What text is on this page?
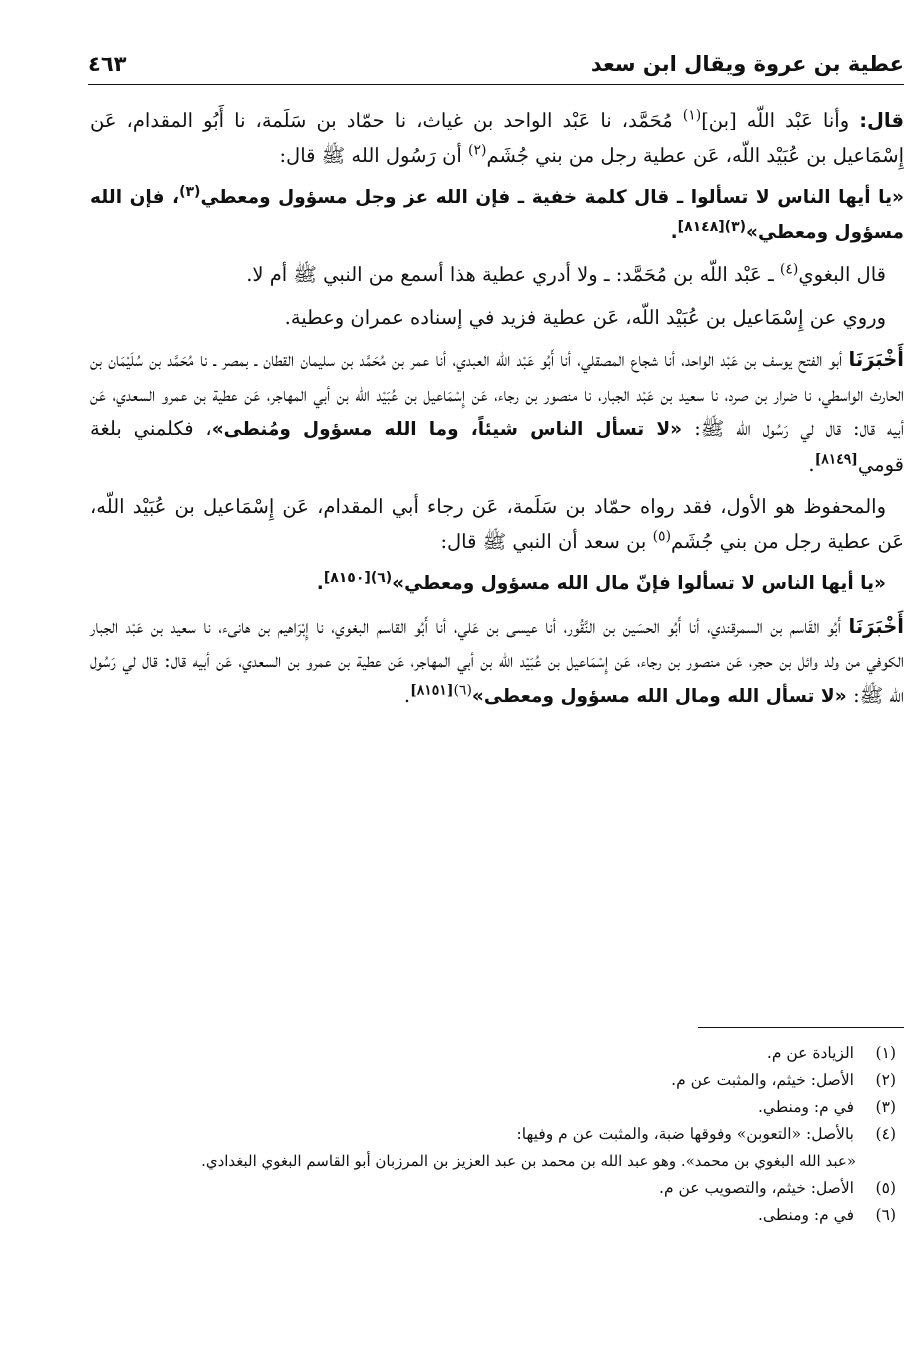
عطية بن عروة ويقال ابن سعد
٤٦٣

قال: وأنا عَبْد اللّه [بن]$^{(١)}$ مُحَمَّد، نا عَبْد الواحد بن غياث، نا حمّاد بن سَلَمة، نا أَبُو المقدام، عَن إِسْمَاعيل بن عُبَيْد اللّه، عَن عطية رجل من بني جُشَم$^{(٢)}$ أن رَسُول الله ﷺ قال:

«يا أيها الناس لا تسألوا ـ قال كلمة خفية ـ فإن الله عز وجل مسؤول ومعطي$^{(٣)}$، فإن الله مسؤول ومعطي»$^{(٣)[٨١٤٨]}$.

قال البغوي$^{(٤)}$ ـ عَبْد اللّه بن مُحَمَّد: ـ ولا أدري عطية هذا أسمع من النبي ﷺ أم لا.

وروي عن إِسْمَاعيل بن عُبَيْد اللّه، عَن عطية فزيد في إسناده عمران وعطية.

أَخْبَرَنَا أبو الفتح يوسف بن عَبْد الواحد، أنا شجاع المصقلي، أنا أَبُو عَبْد اللّه العبدي، أنا عمر بن مُحَمَّد بن سليمان القطان ـ بمصر ـ نا مُحَمَّد بن سُلَيْمَان بن الحارث الواسطي، نا ضرار بن صرد، نا سعيد بن عَبْد الجبار، نا منصور بن رجاء، عَن إِسْمَاعيل بن عُبَيْد اللّه بن أبي المهاجر، عَن عطية بن عمرو السعدي، عَن أبيه قال: قال لي رَسُول الله ﷺ: «لا تسأل الناس شيئاً، وما الله مسؤول ومُنطى»، فكلمني بلغة قومي[٨١٤٩].

والمحفوظ هو الأول، فقد رواه حمّاد بن سَلَمة، عَن رجاء أبي المقدام، عَن إِسْمَاعيل بن عُبَيْد اللّه، عَن عطية رجل من بني جُشَم$^{(٥)}$ بن سعد أن النبي ﷺ قال:

«يا أيها الناس لا تسألوا فإنّ مال الله مسؤول ومعطي»$^{(٦)[٨١٥٠]}$.

أَخْبَرَنَا أَبُو القَاسم بن السمرقندي، أنا أَبُو الحسَين بن النَّقُور، أنا عيسى بن عَلي، أنا أَبُو القاسم البغوي، نا إِبْرَاهيم بن هانىء، نا سعيد بن عَبْد الجبار الكوفي من ولد وائل بن حجر، عَن منصور بن رجاء، عَن إِسْمَاعيل بن عُبَيْد اللّه بن أبي المهاجر، عَن عطية بن عمرو بن السعدي، عَن أبيه قال: قال لي رَسُول الله ﷺ: «لا تسأل الله ومال الله مسؤول ومعطى»$^{(٦)[٨١٥١]}$.

(١)الزيادة عن م.
(٢)الأصل: خيثم، والمثبت عن م.
(٣)في م: ومنطي.
(٤)بالأصل: «التعوبن» وفوقها ضبة، والمثبت عن م وفيها:
«عبد الله البغوي بن محمد». وهو عبد الله بن محمد بن عبد العزيز بن المرزبان أبو القاسم البغوي البغدادي.
(٥)الأصل: خيثم، والتصويب عن م.
(٦)في م: ومنطى.
